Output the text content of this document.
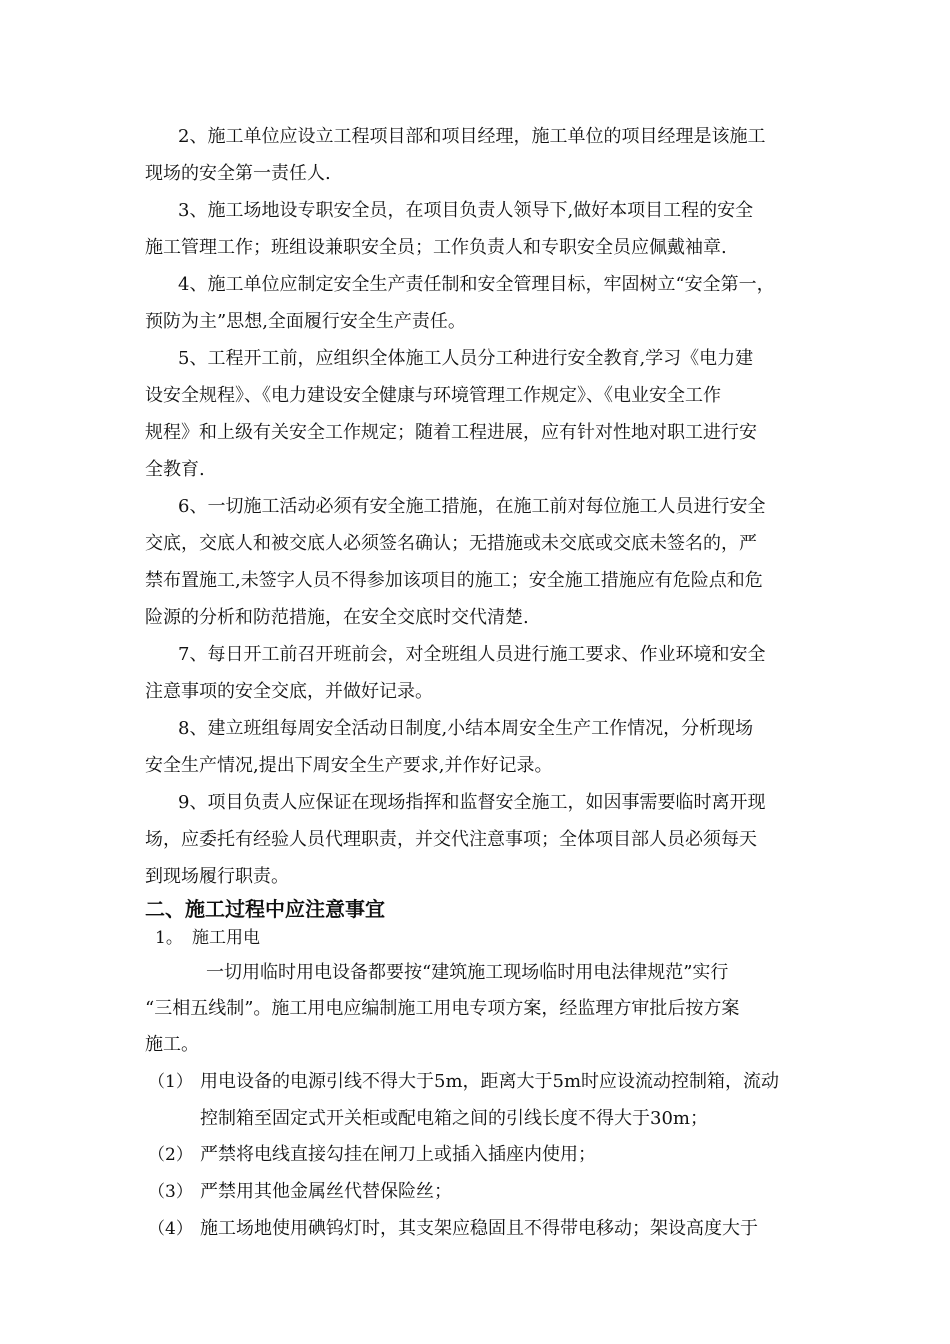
2、施工单位应设立工程项目部和项目经理，施工单位的项目经理是该施工
现场的安全第一责任人.
3、施工场地设专职安全员，在项目负责人领导下,做好本项目工程的安全
施工管理工作；班组设兼职安全员；工作负责人和专职安全员应佩戴袖章.
4、施工单位应制定安全生产责任制和安全管理目标，牢固树立“安全第一，
预防为主”思想,全面履行安全生产责任。
5、工程开工前，应组织全体施工人员分工种进行安全教育,学习《电力建
设安全规程》、《电力建设安全健康与环境管理工作规定》、《电业安全工作
规程》和上级有关安全工作规定；随着工程进展，应有针对性地对职工进行安
全教育.
6、一切施工活动必须有安全施工措施，在施工前对每位施工人员进行安全
交底，交底人和被交底人必须签名确认；无措施或未交底或交底未签名的，严
禁布置施工,未签字人员不得参加该项目的施工；安全施工措施应有危险点和危
险源的分析和防范措施，在安全交底时交代清楚.
7、每日开工前召开班前会，对全班组人员进行施工要求、作业环境和安全
注意事项的安全交底，并做好记录。
8、建立班组每周安全活动日制度,小结本周安全生产工作情况，分析现场
安全生产情况,提出下周安全生产要求,并作好记录。
9、项目负责人应保证在现场指挥和监督安全施工，如因事需要临时离开现
场，应委托有经验人员代理职责，并交代注意事项；全体项目部人员必须每天
到现场履行职责。
二、施工过程中应注意事宜
1。 施工用电
一切用临时用电设备都要按“建筑施工现场临时用电法律规范”实行
“三相五线制”。施工用电应编制施工用电专项方案，经监理方审批后按方案
施工。
（1） 用电设备的电源引线不得大于5m，距离大于5m时应设流动控制箱，流动
控制箱至固定式开关柜或配电箱之间的引线长度不得大于30m；
（2） 严禁将电线直接勾挂在闸刀上或插入插座内使用；
（3） 严禁用其他金属丝代替保险丝；
（4） 施工场地使用碘钨灯时，其支架应稳固且不得带电移动；架设高度大于
